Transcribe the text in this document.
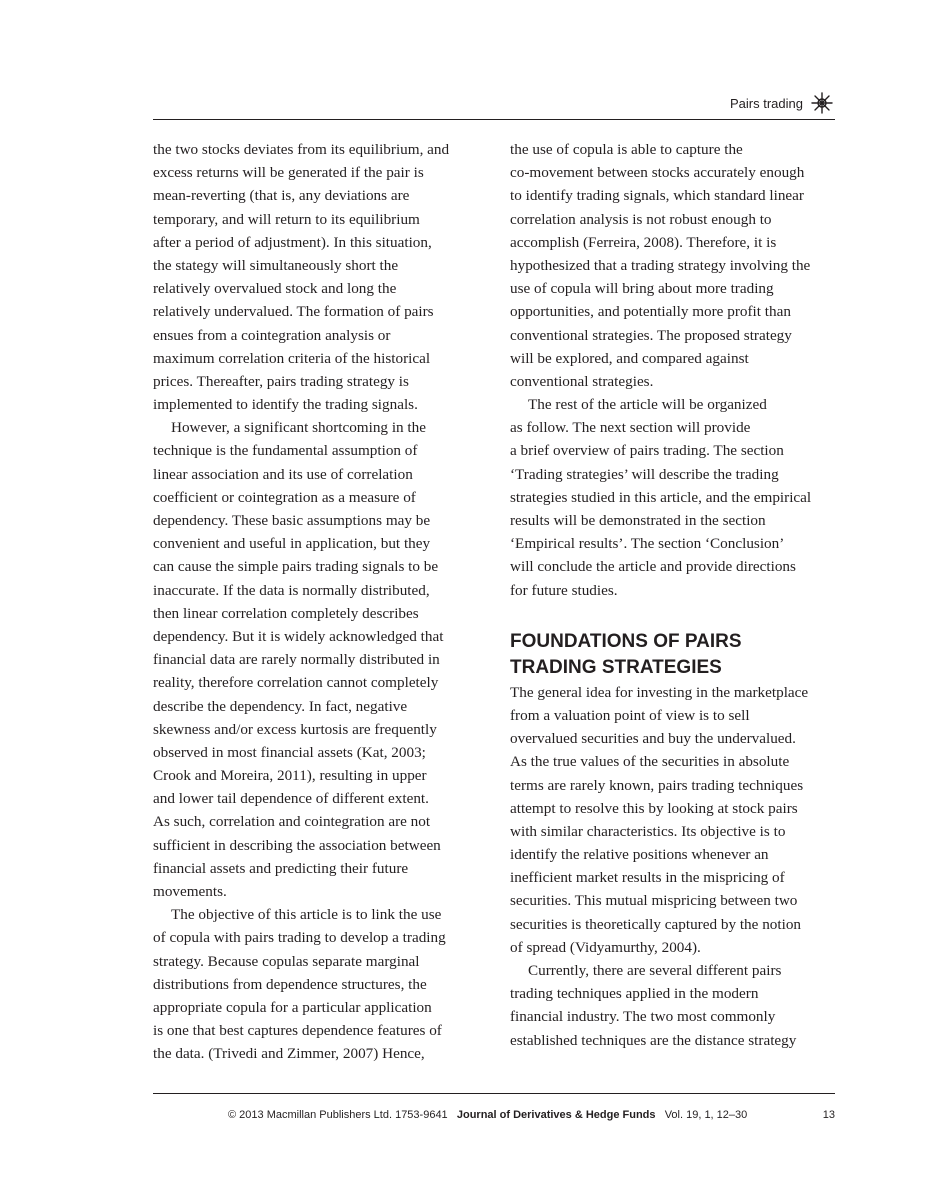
Pairs trading
the two stocks deviates from its equilibrium, and
excess returns will be generated if the pair is
mean-reverting (that is, any deviations are
temporary, and will return to its equilibrium
after a period of adjustment). In this situation,
the stategy will simultaneously short the
relatively overvalued stock and long the
relatively undervalued. The formation of pairs
ensues from a cointegration analysis or
maximum correlation criteria of the historical
prices. Thereafter, pairs trading strategy is
implemented to identify the trading signals.
However, a significant shortcoming in the
technique is the fundamental assumption of
linear association and its use of correlation
coefficient or cointegration as a measure of
dependency. These basic assumptions may be
convenient and useful in application, but they
can cause the simple pairs trading signals to be
inaccurate. If the data is normally distributed,
then linear correlation completely describes
dependency. But it is widely acknowledged that
financial data are rarely normally distributed in
reality, therefore correlation cannot completely
describe the dependency. In fact, negative
skewness and/or excess kurtosis are frequently
observed in most financial assets (Kat, 2003;
Crook and Moreira, 2011), resulting in upper
and lower tail dependence of different extent.
As such, correlation and cointegration are not
sufficient in describing the association between
financial assets and predicting their future
movements.
The objective of this article is to link the use
of copula with pairs trading to develop a trading
strategy. Because copulas separate marginal
distributions from dependence structures, the
appropriate copula for a particular application
is one that best captures dependence features of
the data. (Trivedi and Zimmer, 2007) Hence,
the use of copula is able to capture the
co-movement between stocks accurately enough
to identify trading signals, which standard linear
correlation analysis is not robust enough to
accomplish (Ferreira, 2008). Therefore, it is
hypothesized that a trading strategy involving the
use of copula will bring about more trading
opportunities, and potentially more profit than
conventional strategies. The proposed strategy
will be explored, and compared against
conventional strategies.
The rest of the article will be organized
as follow. The next section will provide
a brief overview of pairs trading. The section
‘Trading strategies’ will describe the trading
strategies studied in this article, and the empirical
results will be demonstrated in the section
‘Empirical results’. The section ‘Conclusion’
will conclude the article and provide directions
for future studies.
FOUNDATIONS OF PAIRS
TRADING STRATEGIES
The general idea for investing in the marketplace
from a valuation point of view is to sell
overvalued securities and buy the undervalued.
As the true values of the securities in absolute
terms are rarely known, pairs trading techniques
attempt to resolve this by looking at stock pairs
with similar characteristics. Its objective is to
identify the relative positions whenever an
inefficient market results in the mispricing of
securities. This mutual mispricing between two
securities is theoretically captured by the notion
of spread (Vidyamurthy, 2004).
Currently, there are several different pairs
trading techniques applied in the modern
financial industry. The two most commonly
established techniques are the distance strategy
© 2013 Macmillan Publishers Ltd. 1753-9641 Journal of Derivatives & Hedge Funds Vol. 19, 1, 12–30	13
